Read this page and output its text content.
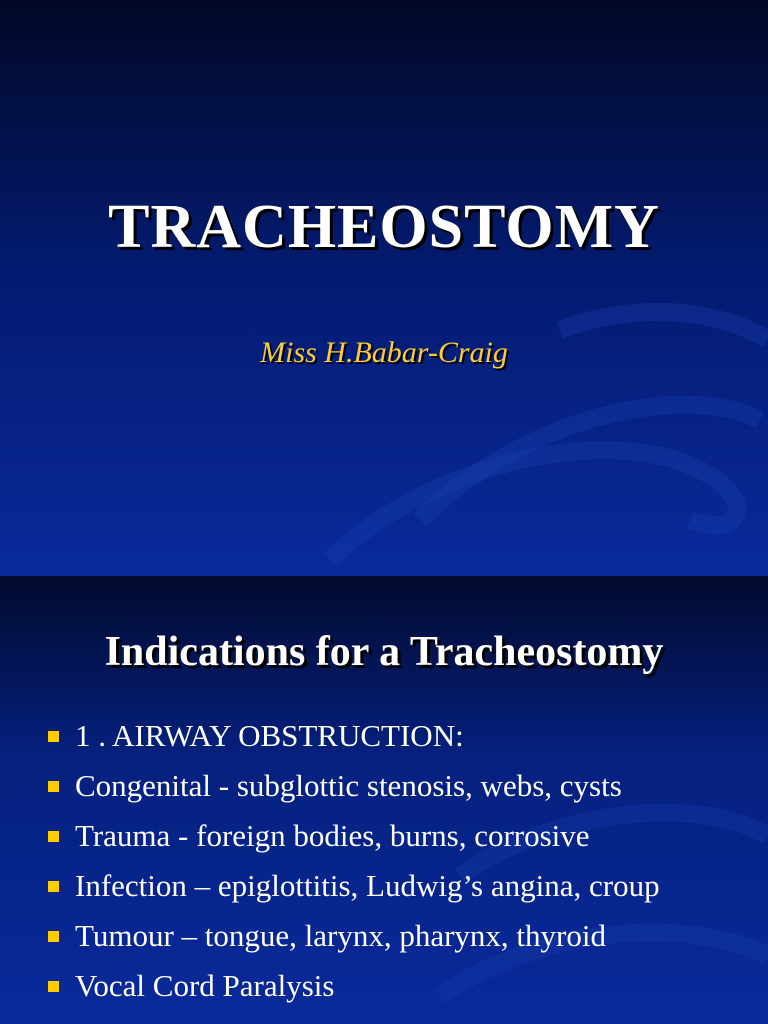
TRACHEOSTOMY
Miss H.Babar-Craig
Indications for a Tracheostomy
1 . AIRWAY OBSTRUCTION:
Congenital - subglottic stenosis, webs, cysts
Trauma - foreign bodies, burns, corrosive
Infection – epiglottitis, Ludwig’s angina, croup
Tumour – tongue, larynx, pharynx, thyroid
Vocal Cord Paralysis
